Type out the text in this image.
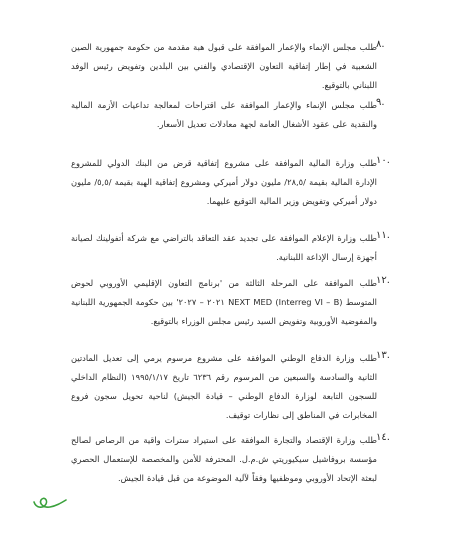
٨.
طلب مجلس الإنماء والإعمار الموافقة على قبول هبة مقدمة من حكومة جمهورية الصين الشعبية في إطار إتفاقية التعاون الإقتصادي والفني بين البلدين وتفويض رئيس الوفد اللبناني بالتوقيع.
٩.
طلب مجلس الإنماء والإعمار الموافقة على اقتراحات لمعالجة تداعيات الأزمة المالية والنقدية على عقود الأشغال العامة لجهة معادلات تعديل الأسعار.
١٠.
طلب وزارة المالية الموافقة على مشروع إتفاقية قرض من البنك الدولي للمشروع الإدارة المالية بقيمة /٢٨,٥/ مليون دولار أميركي ومشروع إتفاقية الهبة بقيمة /٥,٥/ مليون دولار أميركي وتفويض وزير المالية التوقيع عليهما.
١١.
طلب وزارة الإعلام الموافقة على تجديد عقد التعاقد بالتراضي مع شركة أتفولينك لصيانة أجهزة إرسال الإذاعة اللبنانية.
١٢.
طلب الموافقة على المرحلة الثالثة من 'برنامج التعاون الإقليمي الأوروبي لحوض المتوسط (Interreg VI – B) NEXT MED ٢٠٢١ – ٢٠٢٧' بين حكومة الجمهورية اللبنانية والمفوضية الأوروبية وتفويض السيد رئيس مجلس الوزراء بالتوقيع.
١٣.
طلب وزارة الدفاع الوطني الموافقة على مشروع مرسوم يرمي إلى تعديل المادتين الثانية والسادسة والسبعين من المرسوم رقم ٦٢٣٦ تاريخ ١٩٩٥/١/١٧ (النظام الداخلي للسجون التابعة لوزارة الدفاع الوطني – قيادة الجيش) لناحية تحويل سجون فروع المخابرات في المناطق إلى نظارات توقيف.
١٤.
طلب وزارة الإقتصاد والتجارة الموافقة على استيراد سترات واقية من الرصاص لصالح مؤسسة بروفاشيل سيكيوريتي ش.م.ل. المحترفة للأمن والمخصصة للإستعمال الحصري لبعثة الإتحاد الأوروبي وموظفيها وفقاً لآلية الموضوعة من قبل قيادة الجيش.
